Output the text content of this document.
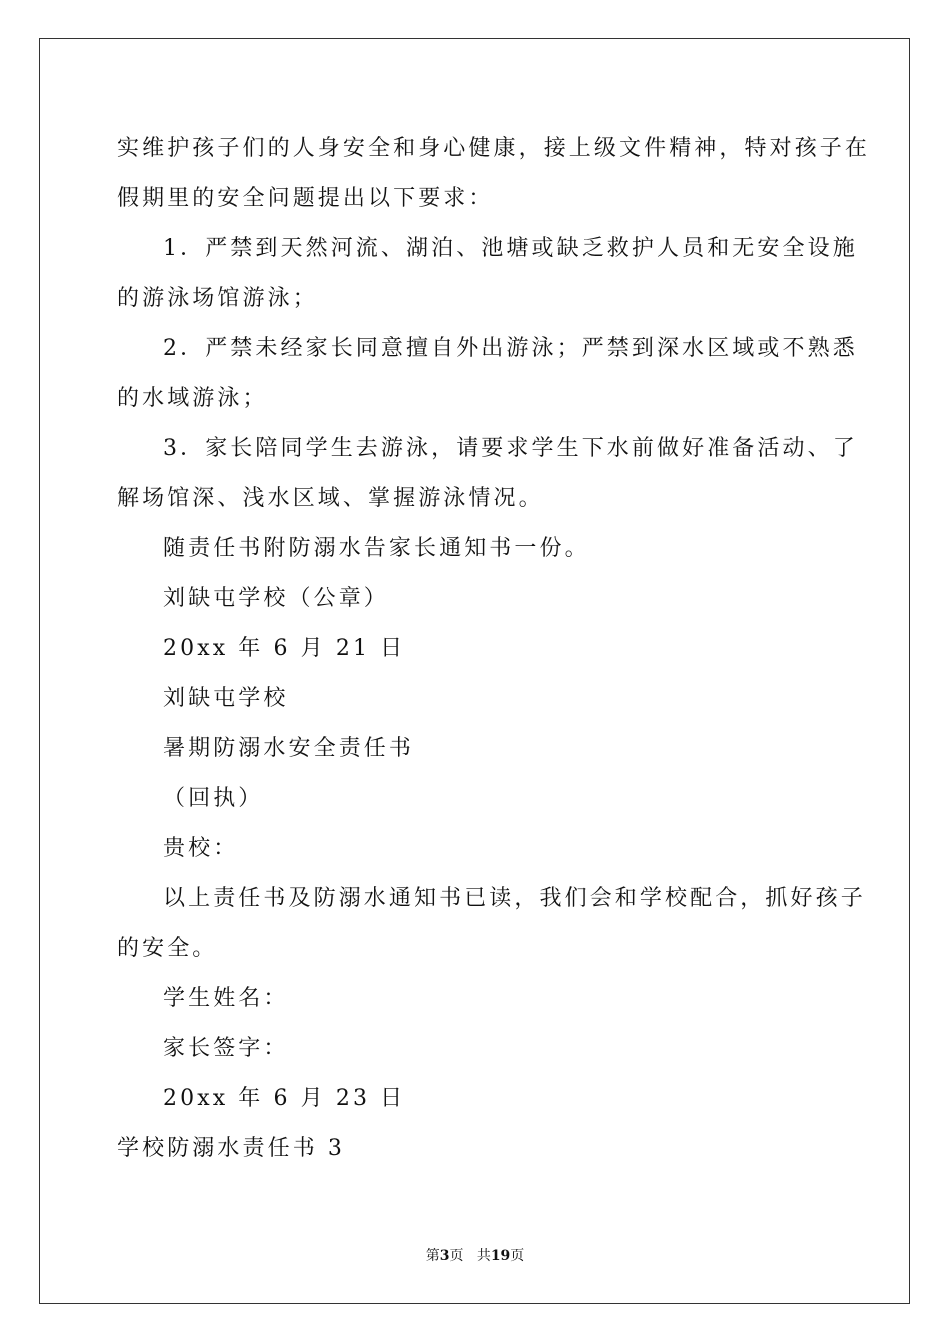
实维护孩子们的人身安全和身心健康，接上级文件精神，特对孩子在
假期里的安全问题提出以下要求：
1．严禁到天然河流、湖泊、池塘或缺乏救护人员和无安全设施
的游泳场馆游泳；
2．严禁未经家长同意擅自外出游泳；严禁到深水区域或不熟悉
的水域游泳；
3．家长陪同学生去游泳，请要求学生下水前做好准备活动、了
解场馆深、浅水区域、掌握游泳情况。
随责任书附防溺水告家长通知书一份。
刘缺屯学校（公章）
20xx 年 6 月 21 日
刘缺屯学校
暑期防溺水安全责任书
（回执）
贵校：
以上责任书及防溺水通知书已读，我们会和学校配合，抓好孩子
的安全。
学生姓名：
家长签字：
20xx 年 6 月 23 日
学校防溺水责任书 3
第3页 共19页
